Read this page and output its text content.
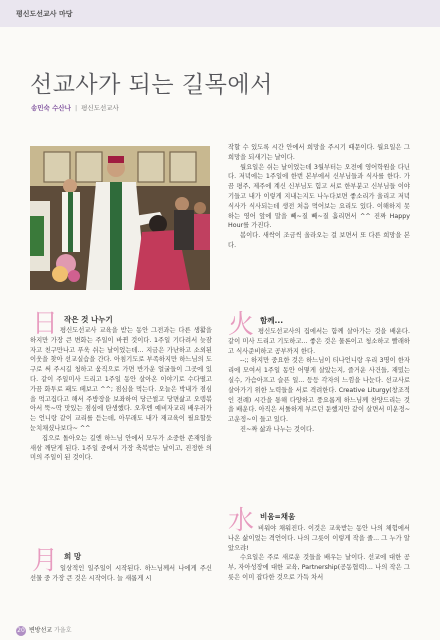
평신도선교사 마당
선교사가 되는 길목에서
송민숙 수산나 | 평신도선교사

작할 수 있도록 시간 안에서 희망을 주시기 때문이다. 월요일은 그 희망을 되새기는 날이다.

월요일은 쉬는 날이었는데 3월부터는 오전에 영어학원을 다닌다. 저녁에는 1주일에 한번 본부에서 신부님들과 식사를 한다. 가끔 평주, 제주에 계신 신부님도 힘고 서로 한부분고 신부님들 이야기들고 내가 이렇게 지내는지도 나누다보면 좋소리가 울리고 저녁식사가 식사되는데 생전 처음 먹어보는 요리도 있다. 이해하지 못하는 영어 앞에 말을 빼~질 빼~질 흘리면서 ^^ 진짜 Happy Hour를 가진다.

봄이다. 새싹이 조금씩 올라오는 걸 보면서 또 다른 희망을 본다.

日 작은 것 나누기

평신도선교사 교육을 받는 동안 그전과는 다른 생활을 하지만 가장 큰 변화는 주일이 바뀐 것이다. 1주일 기다려서 늦잠자고 친구만나고 푸욱 쉬는 날이었는데... 지금은 가난하고 소외된 이웃을 찾아 선교실습을 간다. 아침기도로 부족하지만 하느님의 도구로 써 주시길 청하고 움직으로 가면 반가운 얼굴들이 그곳에 있다. 같이 주일미사 드리고 1주일 동안 살아온 이야기로 수다떨고 가끔 화투로 패도 떼보고 ^^; 점심을 먹는다. 오늘은 박내가 점심을 먹고집다고 해서 주방장을 보좌하여 당근썰고 당면삶고 오뎅볶아서 뚝~딱 맛있는 점심에 탄생했다. 오후엔 예비자교리 배우러가는 언니랑 같이 교리를 듣는데, 아무래도 내가 재교육이 필요할듯 눈치채셨나보다~ ^^

집으로 돌아오는 길엔 하느님 안에서 모두가 소중한 존재임을 새삼 깨닫게 된다. 1주일 중에서 가장 축복받는 날이고, 진정한 의미의 주일이 된 것이다.

月 희 망

일상적인 일주일이 시작된다. 하느님께서 나에게 주신 선물 중 가장 큰 것은 시작이다. 늘 새롭게 시

火 함께...

평신도선교사의 집에서는 함께 살아가는 것을 배운다. 같이 미사 드리고 기도하고... 좋은 것은 물론이고 청소하고 빨래하고 식사준비하고 공부까지 한다.

--;; 하지만 중요한 것은 하느님이 티나언니랑 우리 3명이 한자리에 모여서 1주일 동안 어떻게 살았는지, 즐거운 사건들, 재밌는 실수, 가슴아프고 슬픈 일... 등등 각자의 느낌을 나눈다. 선교사로 살아가기 위한 노력들을 서로 격려한다. Creative Liturgy(창조적인 전례) 시간을 통해 다양하고 풍요롭게 하느님께 찬양드리는 것을 배운다. 아직은 서툴하게 부르던 둔했지만 같이 살면서 미운정~ 고운정~이 들고 있다.

진~짜 삶과 나누는 것이다.

水 비움=채움

비워야 채워진다. 이것은 교육받는 동안 나의 체험에서 나온 삶이었는 격언이다. 나의 그릇이 이렇게 작을 줄... 그 누가 알았으랴!

수요일은 주로 새로운 것들을 배우는 날이다. 선교에 대한 공부, 자아성장에 대한 교육, Partnership(공동협력)... 나의 작은 그릇은 이미 잡다한 것으로 가득 차서

20 변방선교 가을호
